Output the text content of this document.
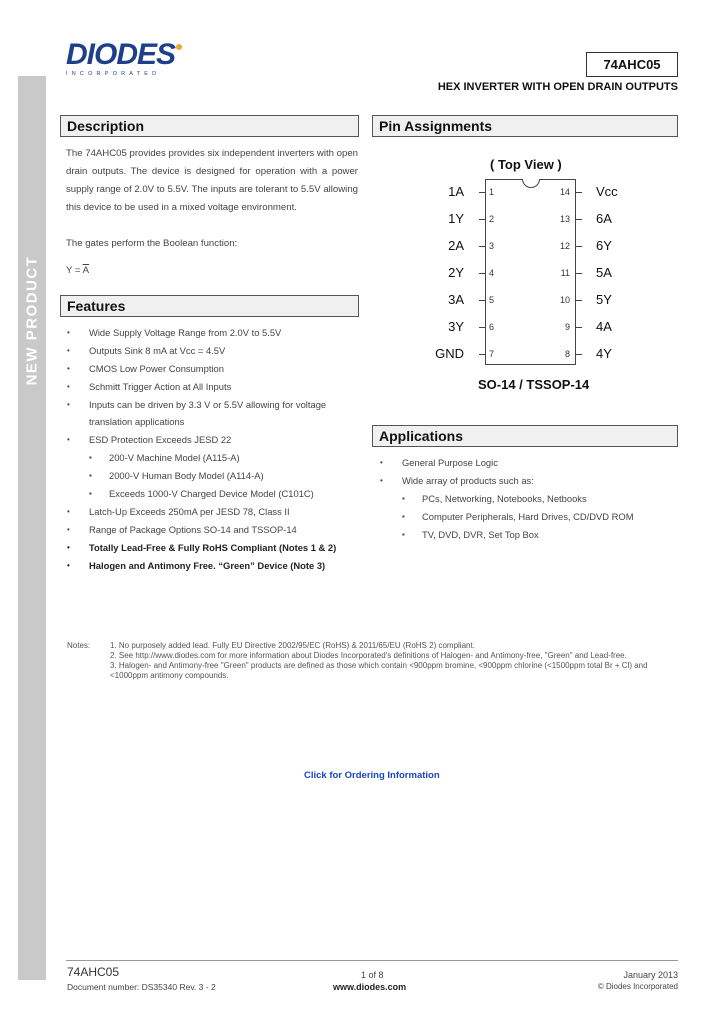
NEW PRODUCT
DIODES
INCORPORATED
74AHC05
HEX INVERTER WITH OPEN DRAIN OUTPUTS
Description
The 74AHC05 provides provides six independent inverters with open
drain outputs. The device is designed for operation with a power
supply range of 2.0V to 5.5V. The inputs are tolerant to 5.5V allowing
this device to be used in a mixed voltage environment.
The gates perform the Boolean function:
$Y = \overline{A}$
Features
•	Wide Supply Voltage Range from 2.0V to 5.5V
•	Outputs Sink 8 mA at Vcc = 4.5V
•	CMOS Low Power Consumption
•	Schmitt Trigger Action at All Inputs
•	Inputs can be driven by 3.3 V or 5.5V allowing for voltage
translation applications
•	ESD Protection Exceeds JESD 22
▪	200-V Machine Model (A115-A)
▪	2000-V Human Body Model (A114-A)
▪	Exceeds 1000-V Charged Device Model (C101C)
•	Latch-Up Exceeds 250mA per JESD 78, Class II
•	Range of Package Options SO-14 and TSSOP-14
•	Totally Lead-Free & Fully RoHS Compliant (Notes 1 & 2)
•	Halogen and Antimony Free. “Green” Device (Note 3)
Pin Assignments
( Top View )
1A	1
1Y	2
2A	3
2Y	4
3A	5
3Y	6
GND	7
14 Vcc
13 6A
12 6Y
11 5A
10 5Y
9 4A
8 4Y
SO-14 / TSSOP-14
Applications
•	General Purpose Logic
•	Wide array of products such as:
▪	PCs, Networking, Notebooks, Netbooks
▪	Computer Peripherals, Hard Drives, CD/DVD ROM
▪	TV, DVD, DVR, Set Top Box
Notes: 1. No purposely added lead. Fully EU Directive 2002/95/EC (RoHS) & 2011/65/EU (RoHS 2) compliant.
2. See http://www.diodes.com for more information about Diodes Incorporated's definitions of Halogen- and Antimony-free, "Green" and Lead-free.
3. Halogen- and Antimony-free "Green" products are defined as those which contain <900ppm bromine, <900ppm chlorine (<1500ppm total Br + Cl) and
<1000ppm antimony compounds.
Click for Ordering Information
74AHC05
Document number: DS35340 Rev. 3 - 2
1 of 8
www.diodes.com
January 2013
© Diodes Incorporated
